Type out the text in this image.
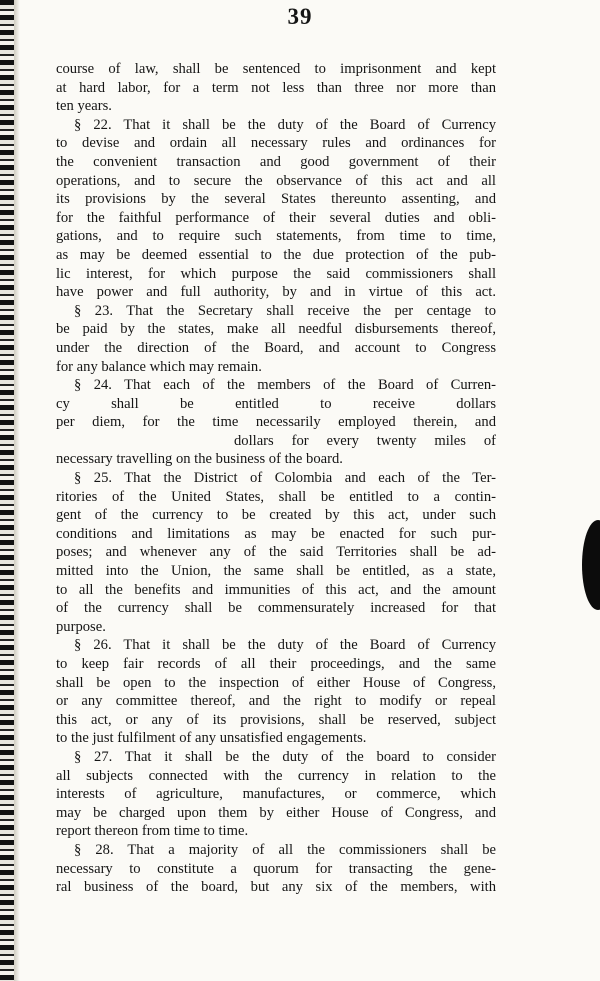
39
course of law, shall be sentenced to imprisonment and kept
at hard labor, for a term not less than three nor more than
ten years.
§ 22. That it shall be the duty of the Board of Currency
to devise and ordain all necessary rules and ordinances for
the convenient transaction and good government of their
operations, and to secure the observance of this act and all
its provisions by the several States thereunto assenting, and
for the faithful performance of their several duties and obli-
gations, and to require such statements, from time to time,
as may be deemed essential to the due protection of the pub-
lic interest, for which purpose the said commissioners shall
have power and full authority, by and in virtue of this act.
§ 23. That the Secretary shall receive the per centage to
be paid by the states, make all needful disbursements thereof,
under the direction of the Board, and account to Congress
for any balance which may remain.
§ 24. That each of the members of the Board of Curren-
cy shall be entitled to receive dollars
per diem, for the time necessarily employed therein, and
dollars for every twenty miles of
necessary travelling on the business of the board.
§ 25. That the District of Colombia and each of the Ter-
ritories of the United States, shall be entitled to a contin-
gent of the currency to be created by this act, under such
conditions and limitations as may be enacted for such pur-
poses; and whenever any of the said Territories shall be ad-
mitted into the Union, the same shall be entitled, as a state,
to all the benefits and immunities of this act, and the amount
of the currency shall be commensurately increased for that
purpose.
§ 26. That it shall be the duty of the Board of Currency
to keep fair records of all their proceedings, and the same
shall be open to the inspection of either House of Congress,
or any committee thereof, and the right to modify or repeal
this act, or any of its provisions, shall be reserved, subject
to the just fulfilment of any unsatisfied engagements.
§ 27. That it shall be the duty of the board to consider
all subjects connected with the currency in relation to the
interests of agriculture, manufactures, or commerce, which
may be charged upon them by either House of Congress, and
report thereon from time to time.
§ 28. That a majority of all the commissioners shall be
necessary to constitute a quorum for transacting the gene-
ral business of the board, but any six of the members, with
